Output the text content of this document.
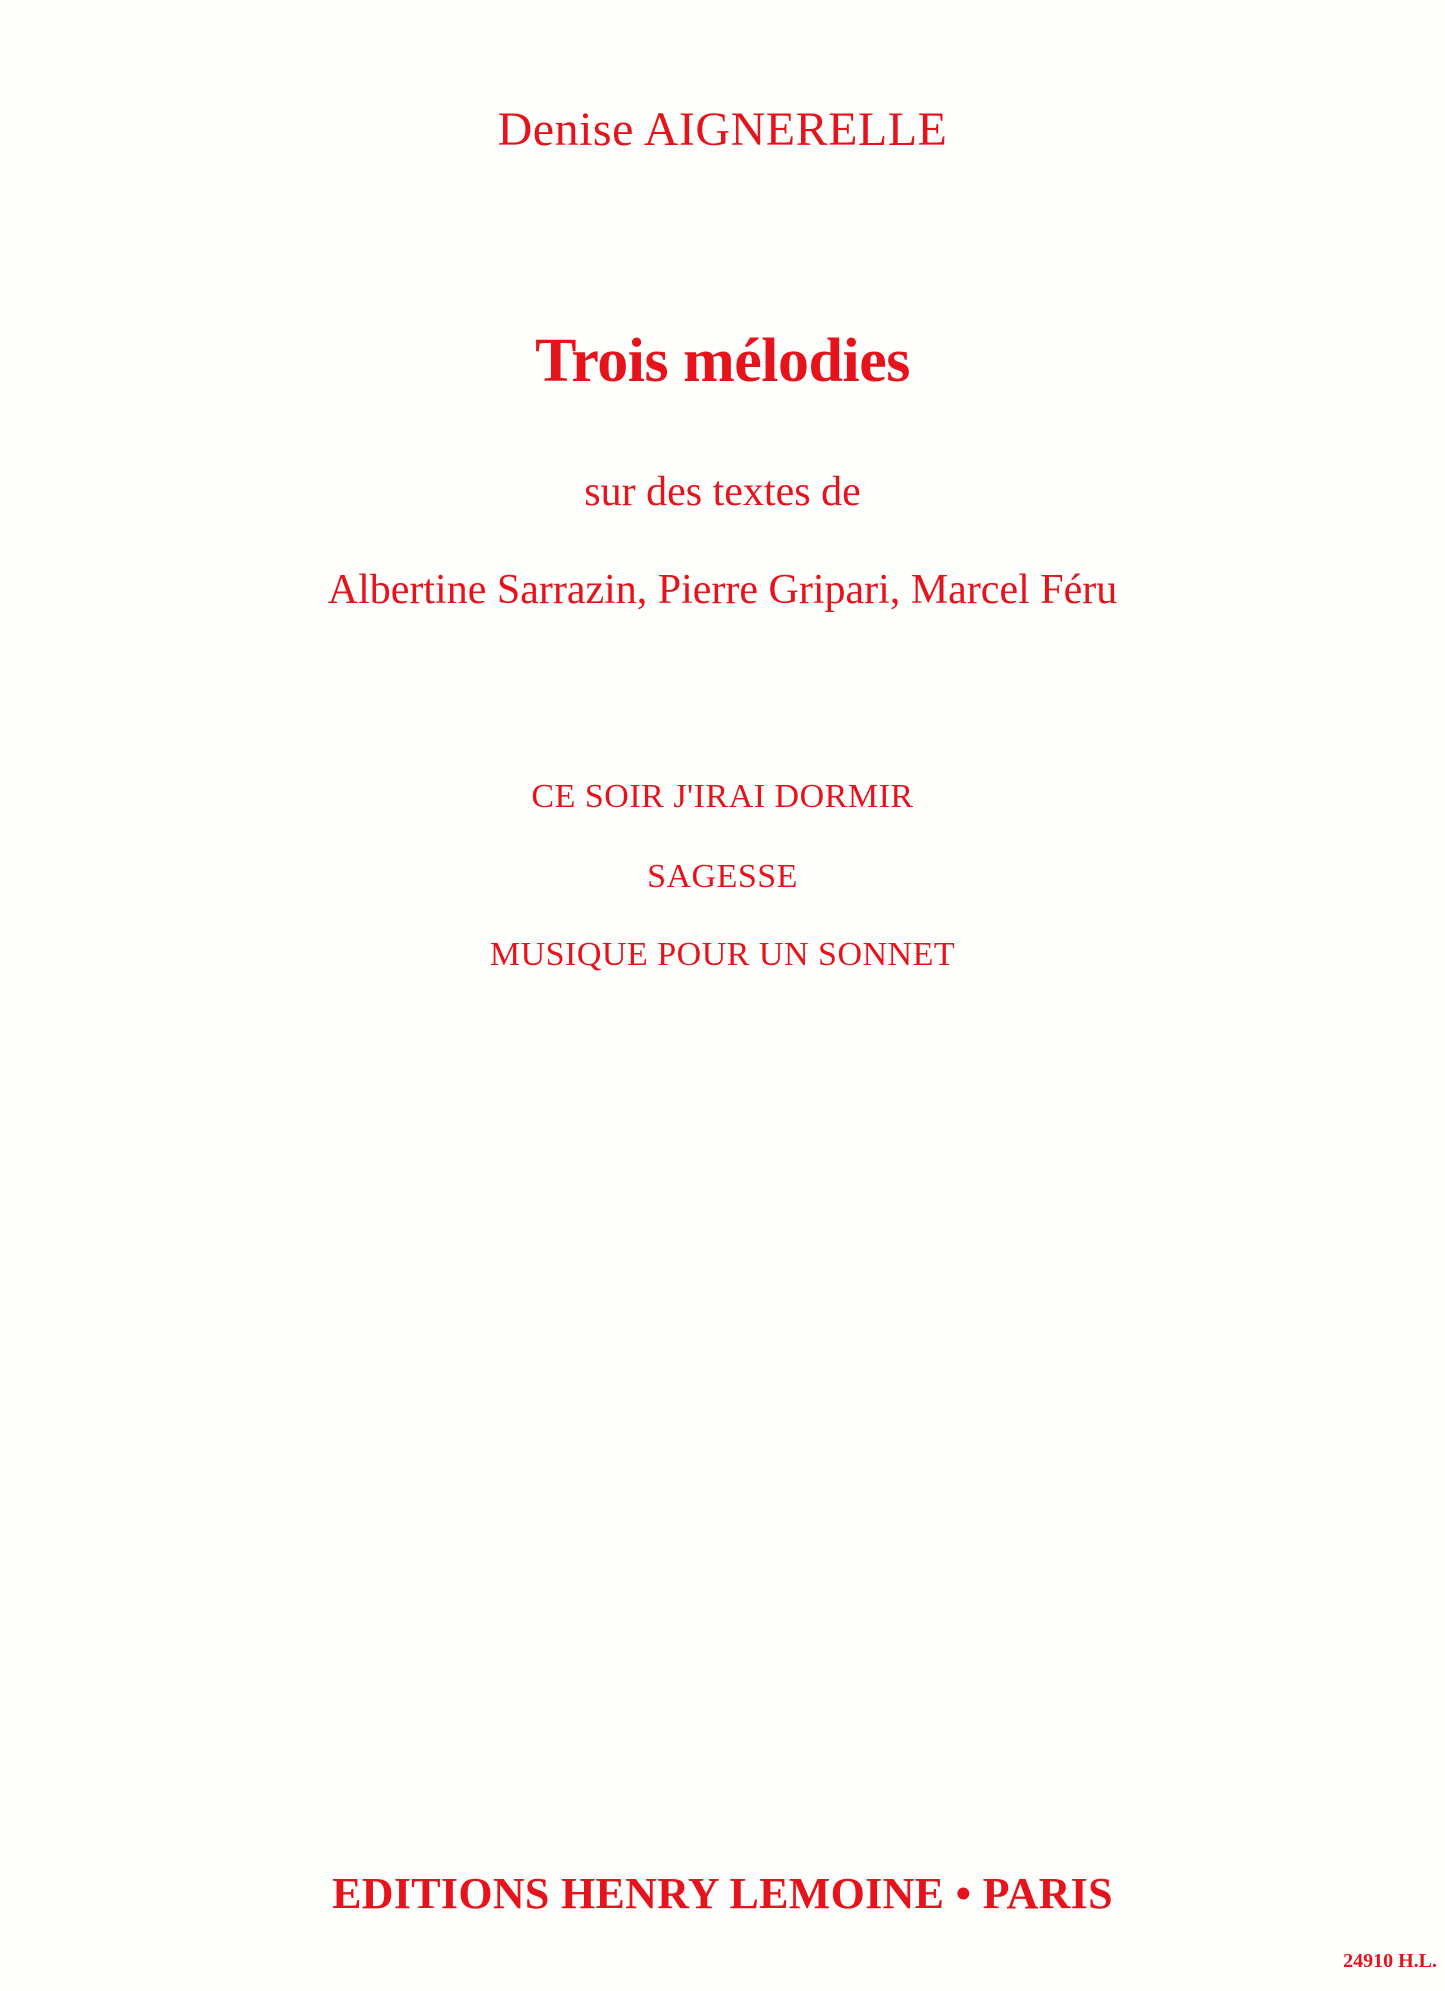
Denise AIGNERELLE

Trois mélodies

sur des textes de

Albertine Sarrazin, Pierre Gripari, Marcel Féru

CE SOIR J'IRAI DORMIR

SAGESSE

MUSIQUE POUR UN SONNET

EDITIONS HENRY LEMOINE • PARIS

24910 H.L.
